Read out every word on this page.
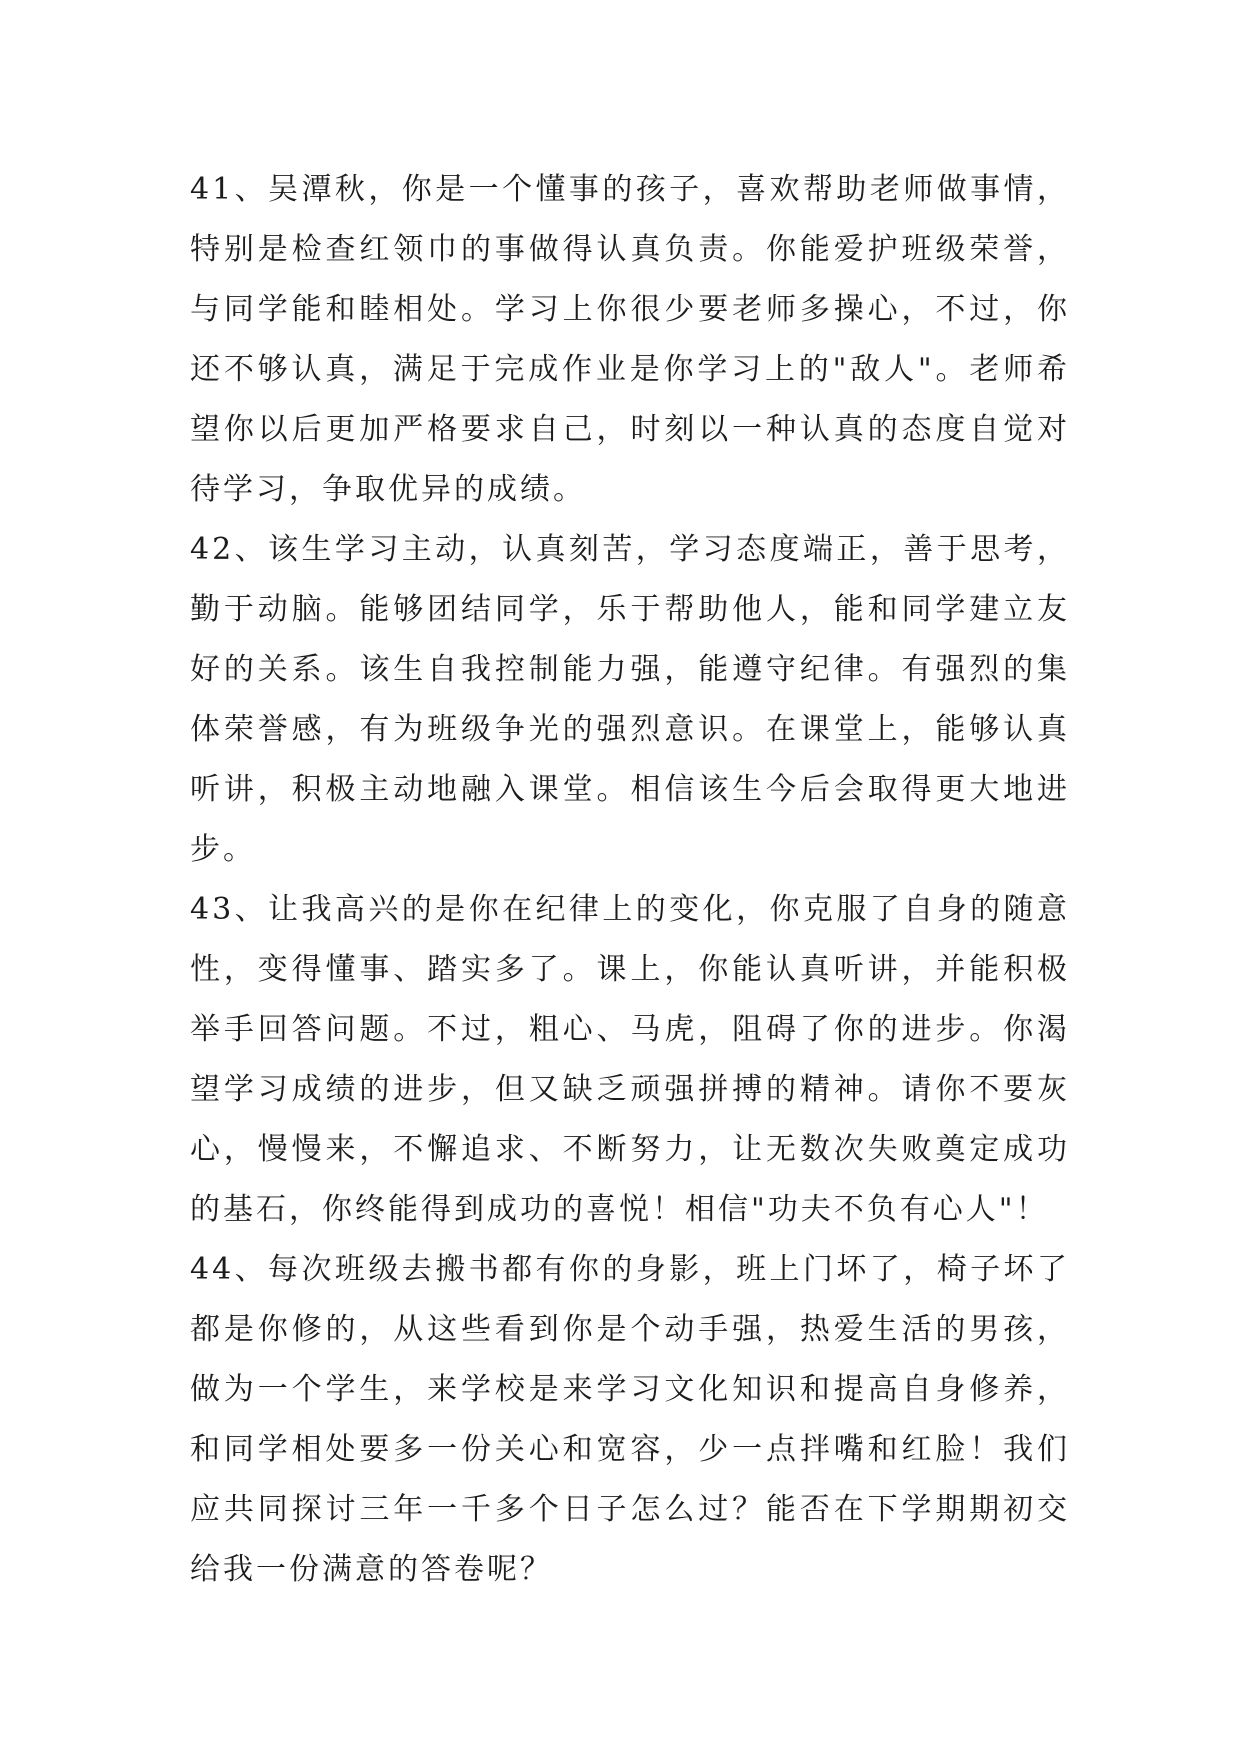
41、吴潭秋，你是一个懂事的孩子，喜欢帮助老师做事情，特别是检查红领巾的事做得认真负责。你能爱护班级荣誉，与同学能和睦相处。学习上你很少要老师多操心，不过，你还不够认真，满足于完成作业是你学习上的"敌人"。老师希望你以后更加严格要求自己，时刻以一种认真的态度自觉对待学习，争取优异的成绩。

42、该生学习主动，认真刻苦，学习态度端正，善于思考，勤于动脑。能够团结同学，乐于帮助他人，能和同学建立友好的关系。该生自我控制能力强，能遵守纪律。有强烈的集体荣誉感，有为班级争光的强烈意识。在课堂上，能够认真听讲，积极主动地融入课堂。相信该生今后会取得更大地进步。

43、让我高兴的是你在纪律上的变化，你克服了自身的随意性，变得懂事、踏实多了。课上，你能认真听讲，并能积极举手回答问题。不过，粗心、马虎，阻碍了你的进步。你渴望学习成绩的进步，但又缺乏顽强拼搏的精神。请你不要灰心，慢慢来，不懈追求、不断努力，让无数次失败奠定成功的基石，你终能得到成功的喜悦！相信"功夫不负有心人"！

44、每次班级去搬书都有你的身影，班上门坏了，椅子坏了都是你修的，从这些看到你是个动手强，热爱生活的男孩，做为一个学生，来学校是来学习文化知识和提高自身修养，和同学相处要多一份关心和宽容，少一点拌嘴和红脸！我们应共同探讨三年一千多个日子怎么过？能否在下学期期初交给我一份满意的答卷呢？
